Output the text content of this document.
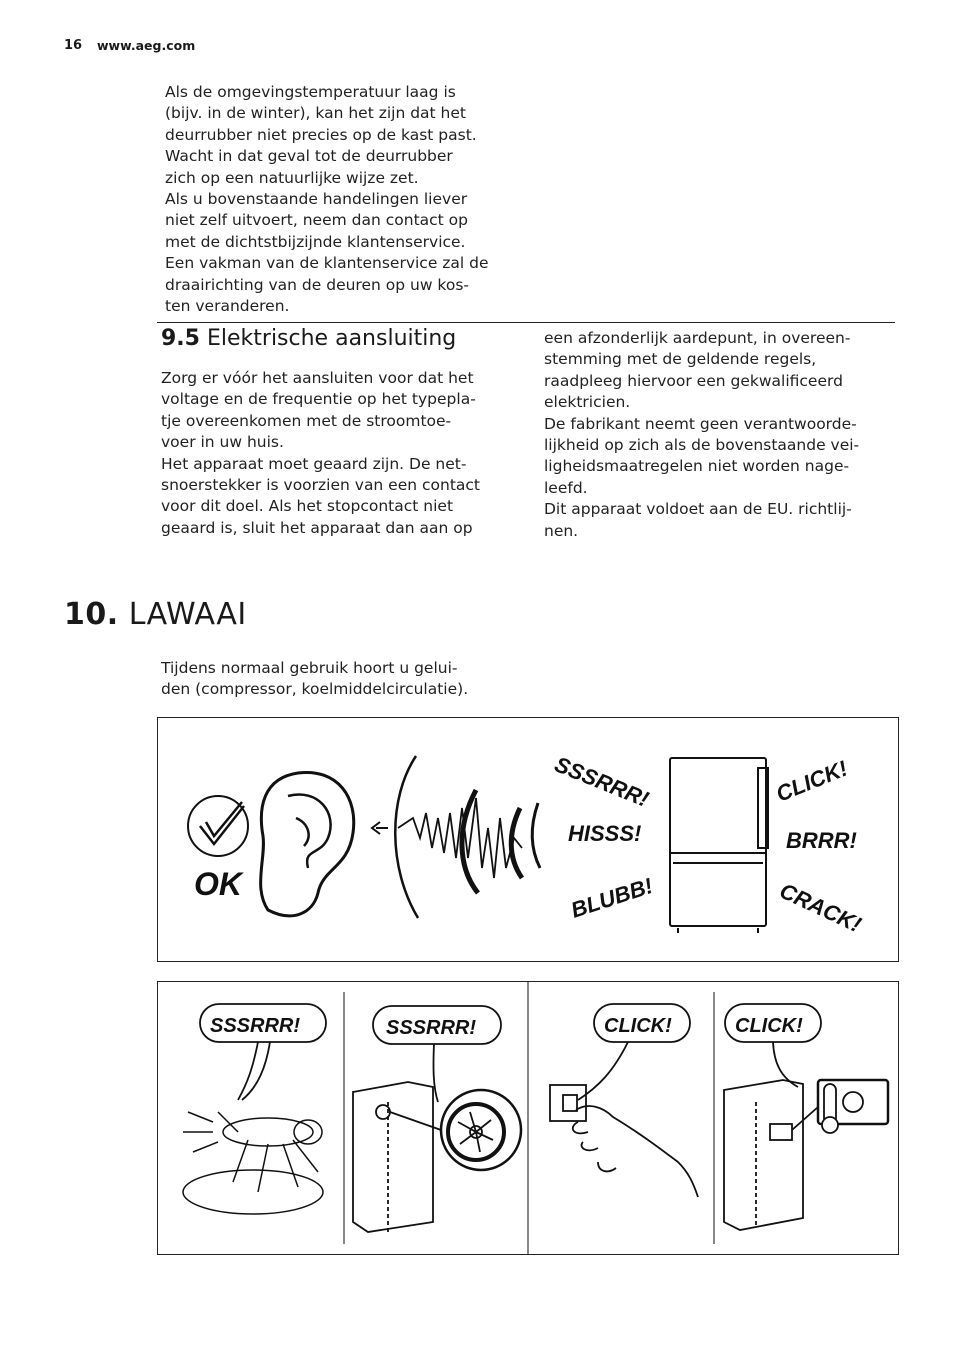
16 www.aeg.com
Als de omgevingstemperatuur laag is
(bijv. in de winter), kan het zijn dat het
deurrubber niet precies op de kast past.
Wacht in dat geval tot de deurrubber
zich op een natuurlijke wijze zet.
Als u bovenstaande handelingen liever
niet zelf uitvoert, neem dan contact op
met de dichtstbijzijnde klantenservice.
Een vakman van de klantenservice zal de
draairichting van de deuren op uw kos-
ten veranderen.
9.5 Elektrische aansluiting
Zorg er vóór het aansluiten voor dat het
voltage en de frequentie op het typepla-
tje overeenkomen met de stroomtoe-
voer in uw huis.
Het apparaat moet geaard zijn. De net-
snoerstekker is voorzien van een contact
voor dit doel. Als het stopcontact niet
geaard is, sluit het apparaat dan aan op
een afzonderlijk aardepunt, in overeen-
stemming met de geldende regels,
raadpleeg hiervoor een gekwalificeerd
elektricien.
De fabrikant neemt geen verantwoorde-
lijkheid op zich als de bovenstaande vei-
ligheidsmaatregelen niet worden nage-
leefd.
Dit apparaat voldoet aan de EU. richtlij-
nen.
10. LAWAAI
Tijdens normaal gebruik hoort u gelui-
den (compressor, koelmiddelcirculatie).
OK
SSSRRR!
HISSS!
BLUBB!
CLICK!
BRRR!
CRACK!
SSSRRR!	SSSRRR!	CLICK!	CLICK!
